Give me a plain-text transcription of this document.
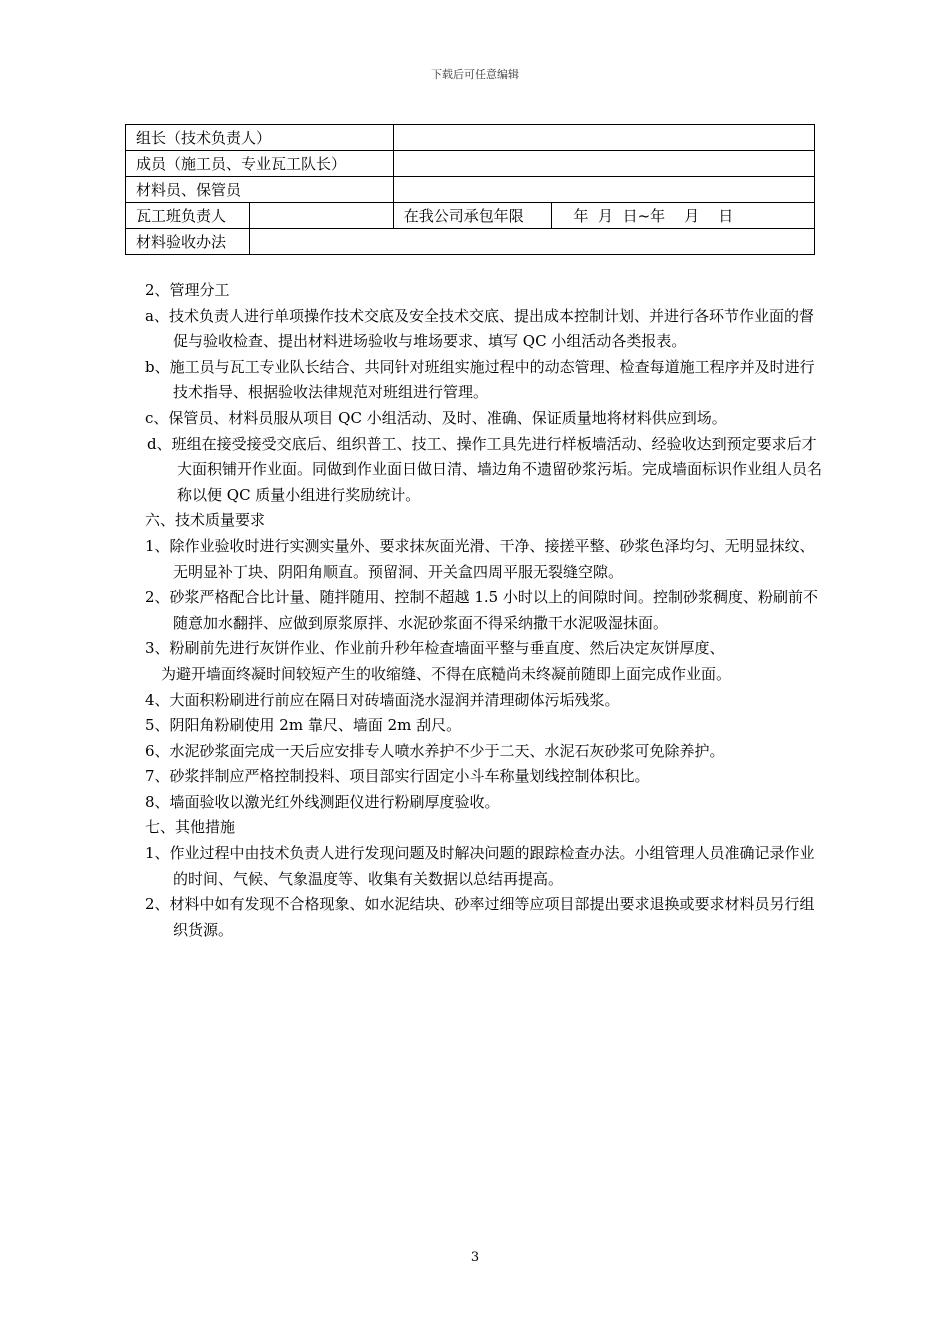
下载后可任意编辑
组长（技术负责人）			
成员（施工员、专业瓦工队长）			
材料员、保管员			
瓦工班负责人		在我公司承包年限	年  月  日~年    月    日
材料验收办法			

2、管理分工

a、技术负责人进行单项操作技术交底及安全技术交底、提出成本控制计划、并进行各环节作业面的督促与验收检查、提出材料进场验收与堆场要求、填写 QC 小组活动各类报表。

b、施工员与瓦工专业队长结合、共同针对班组实施过程中的动态管理、检查每道施工程序并及时进行技术指导、根据验收法律规范对班组进行管理。

c、保管员、材料员服从项目 QC 小组活动、及时、准确、保证质量地将材料供应到场。

d、班组在接受接受交底后、组织普工、技工、操作工具先进行样板墙活动、经验收达到预定要求后才大面积铺开作业面。同做到作业面日做日清、墙边角不遗留砂浆污垢。完成墙面标识作业组人员名称以便 QC 质量小组进行奖励统计。

六、技术质量要求

1、除作业验收时进行实测实量外、要求抹灰面光滑、干净、接搓平整、砂浆色泽均匀、无明显抹纹、无明显补丁块、阴阳角顺直。预留洞、开关盒四周平服无裂缝空隙。

2、砂浆严格配合比计量、随拌随用、控制不超越 1.5 小时以上的间隙时间。控制砂浆稠度、粉刷前不随意加水翻拌、应做到原浆原拌、水泥砂浆面不得采纳撒干水泥吸湿抹面。

3、粉刷前先进行灰饼作业、作业前升秒年检查墙面平整与垂直度、然后决定灰饼厚度、

为避开墙面终凝时间较短产生的收缩缝、不得在底糙尚未终凝前随即上面完成作业面。

4、大面积粉刷进行前应在隔日对砖墙面浇水湿润并清理砌体污垢残浆。

5、阴阳角粉刷使用 2m 靠尺、墙面 2m 刮尺。

6、水泥砂浆面完成一天后应安排专人喷水养护不少于二天、水泥石灰砂浆可免除养护。

7、砂浆拌制应严格控制投料、项目部实行固定小斗车称量划线控制体积比。

8、墙面验收以激光红外线测距仪进行粉刷厚度验收。

七、其他措施

1、作业过程中由技术负责人进行发现问题及时解决问题的跟踪检查办法。小组管理人员准确记录作业的时间、气候、气象温度等、收集有关数据以总结再提高。

2、材料中如有发现不合格现象、如水泥结块、砂率过细等应项目部提出要求退换或要求材料员另行组织货源。

3
